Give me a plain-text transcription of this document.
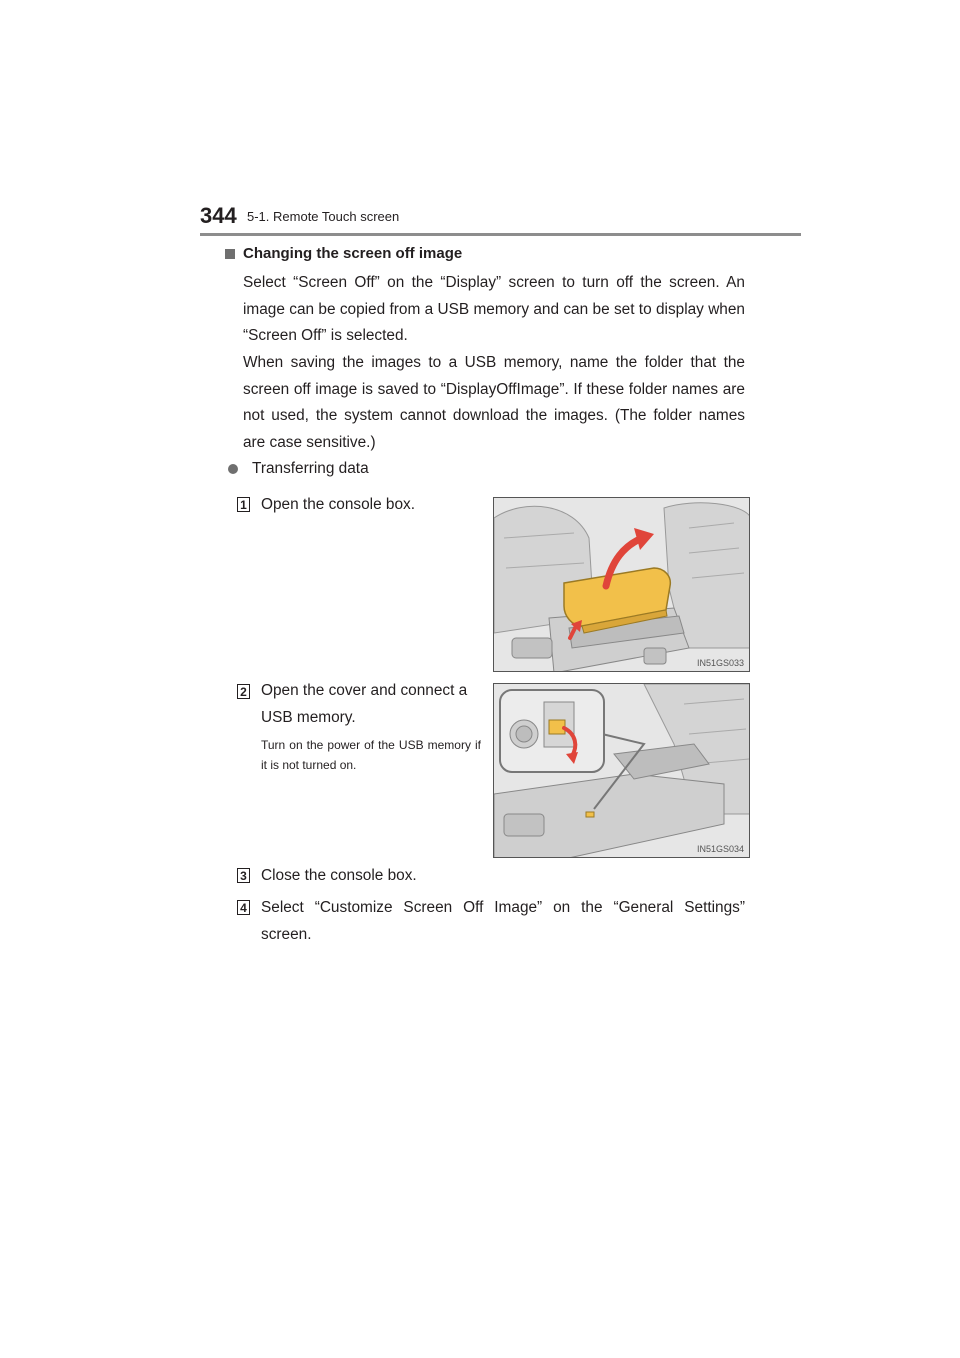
344 5-1. Remote Touch screen
Changing the screen off image
Select “Screen Off” on the “Display” screen to turn off the screen. An image can be copied from a USB memory and can be set to display when “Screen Off” is selected.
When saving the images to a USB memory, name the folder that the screen off image is saved to “DisplayOffImage”. If these folder names are not used, the system cannot download the images. (The folder names are case sensitive.)
Transferring data
1 Open the console box.
IN51GS033
2 Open the cover and connect a USB memory.
Turn on the power of the USB memory if it is not turned on.
IN51GS034
3 Close the console box.
4 Select “Customize Screen Off Image” on the “General Settings” screen.
